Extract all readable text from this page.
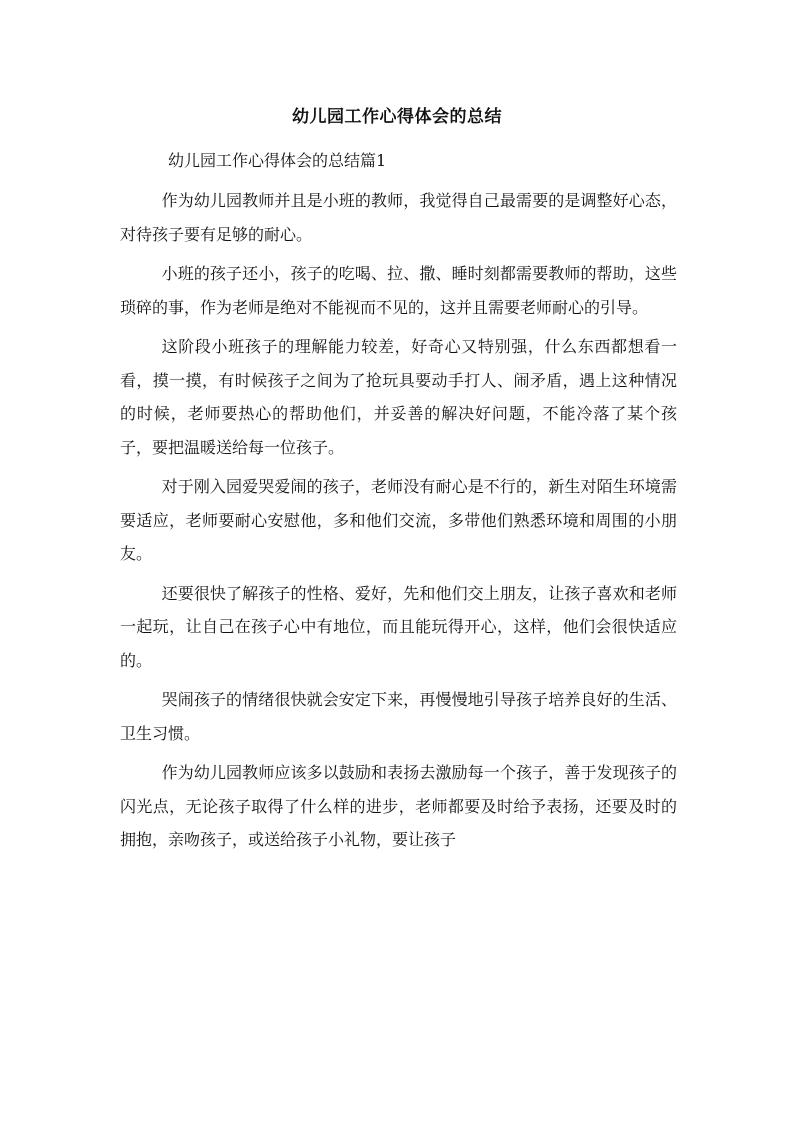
幼儿园工作心得体会的总结
幼儿园工作心得体会的总结篇1

作为幼儿园教师并且是小班的教师，我觉得自己最需要的是调整好心态，对待孩子要有足够的耐心。

小班的孩子还小，孩子的吃喝、拉、撒、睡时刻都需要教师的帮助，这些琐碎的事，作为老师是绝对不能视而不见的，这并且需要老师耐心的引导。

这阶段小班孩子的理解能力较差，好奇心又特别强，什么东西都想看一看，摸一摸，有时候孩子之间为了抢玩具要动手打人、闹矛盾，遇上这种情况的时候，老师要热心的帮助他们，并妥善的解决好问题，不能冷落了某个孩子，要把温暖送给每一位孩子。

对于刚入园爱哭爱闹的孩子，老师没有耐心是不行的，新生对陌生环境需要适应，老师要耐心安慰他，多和他们交流，多带他们熟悉环境和周围的小朋友。

还要很快了解孩子的性格、爱好，先和他们交上朋友，让孩子喜欢和老师一起玩，让自己在孩子心中有地位，而且能玩得开心，这样，他们会很快适应的。

哭闹孩子的情绪很快就会安定下来，再慢慢地引导孩子培养良好的生活、卫生习惯。

作为幼儿园教师应该多以鼓励和表扬去激励每一个孩子，善于发现孩子的闪光点，无论孩子取得了什么样的进步，老师都要及时给予表扬，还要及时的拥抱，亲吻孩子，或送给孩子小礼物，要让孩子
